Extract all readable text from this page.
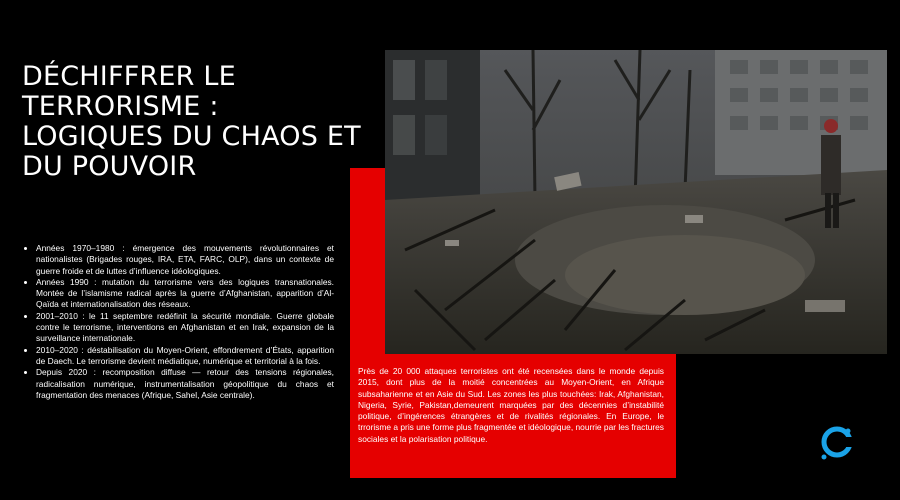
DÉCHIFFRER LE TERRORISME : LOGIQUES DU CHAOS ET DU POUVOIR
• Années 1970–1980 : émergence des mouvements révolutionnaires et nationalistes (Brigades rouges, IRA, ETA, FARC, OLP), dans un contexte de guerre froide et de luttes d’influence idéologiques.
• Années 1990 : mutation du terrorisme vers des logiques transnationales. Montée de l’islamisme radical après la guerre d’Afghanistan, apparition d’Al-Qaïda et internationalisation des réseaux.
• 2001–2010 : le 11 septembre redéfinit la sécurité mondiale. Guerre globale contre le terrorisme, interventions en Afghanistan et en Irak, expansion de la surveillance internationale.
• 2010–2020 : déstabilisation du Moyen-Orient, effondrement d’États, apparition de Daech. Le terrorisme devient médiatique, numérique et territorial à la fois.
• Depuis 2020 : recomposition diffuse — retour des tensions régionales, radicalisation numérique, instrumentalisation géopolitique du chaos et fragmentation des menaces (Afrique, Sahel, Asie centrale).

Près de 20 000 attaques terroristes ont été recensées dans le monde depuis 2015, dont plus de la moitié concentrées au Moyen-Orient, en Afrique subsaharienne et en Asie du Sud. Les zones les plus touchées: Irak, Afghanistan, Nigeria, Syrie, Pakistan,demeurent marquées par des décennies d’instabilité politique, d’ingérences étrangères et de rivalités régionales. En Europe, le trrorisme a pris une forme plus fragmentée et idéologique, nourrie par les fractures sociales et la polarisation politique.
